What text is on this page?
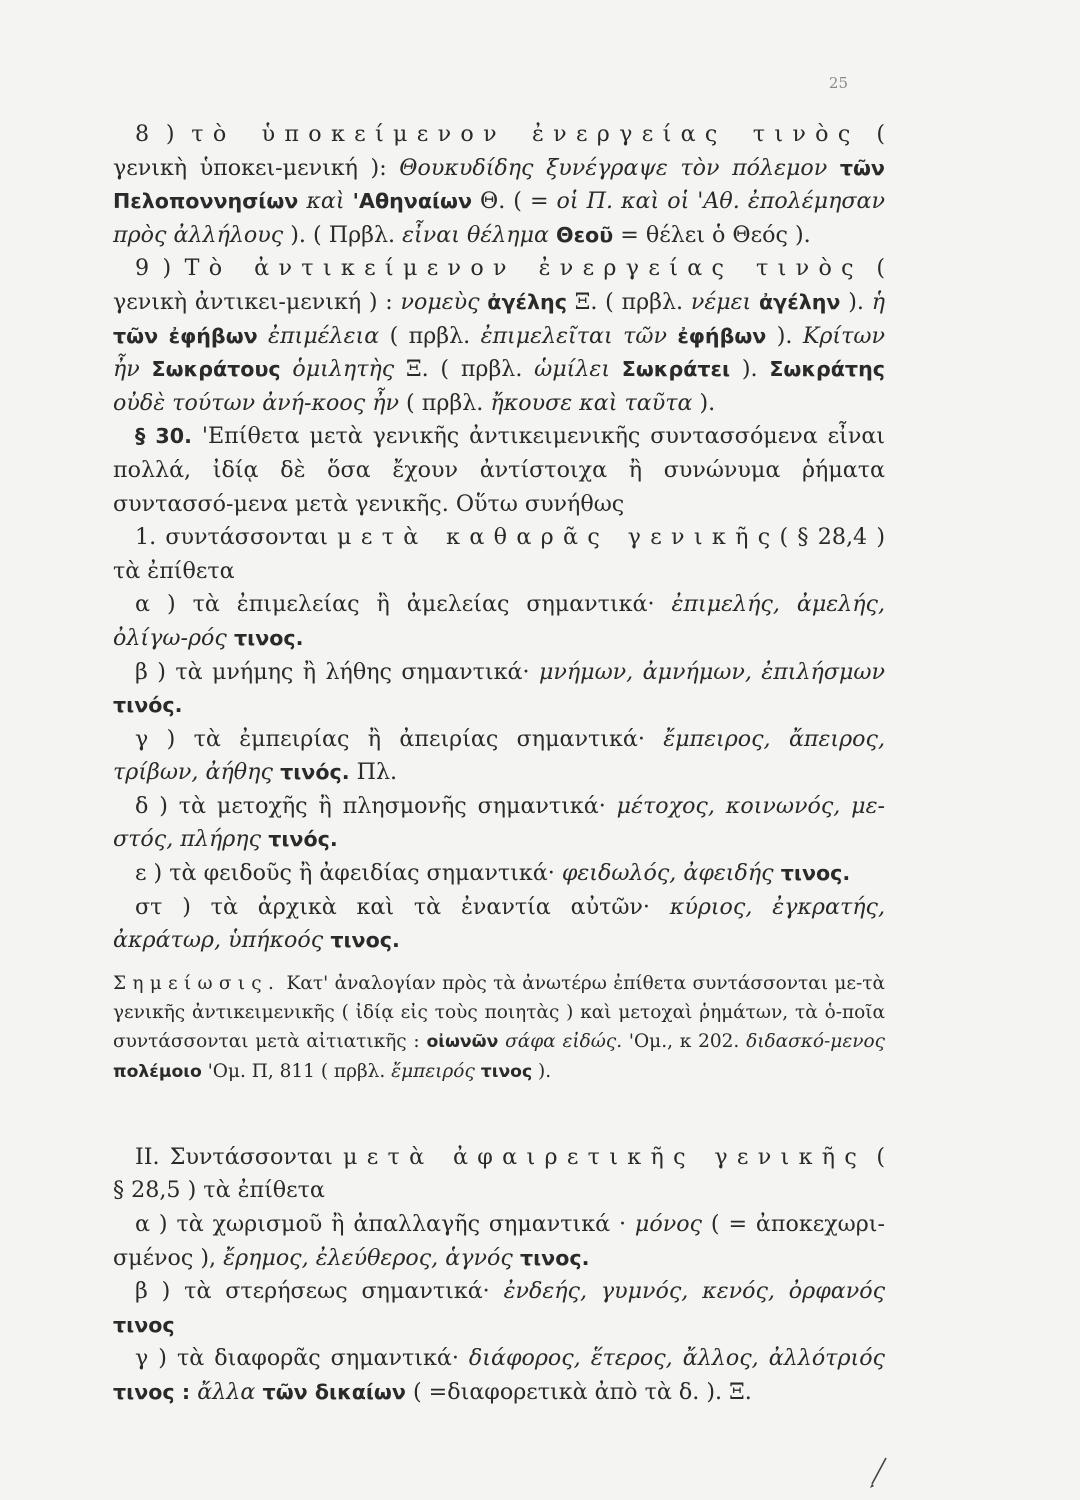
25

8 ) τὸ ὑποκείμενον ἐνεργείας τινὸς ( γενικὴ ὑποκει-μενική ): Θουκυδίδης ξυνέγραψε τὸν πόλεμον τῶν Πελοποννησίων καὶ 'Αθηναίων Θ. ( = οἱ Π. καὶ οἱ 'Αθ. ἐπολέμησαν πρὸς ἀλλήλους ). ( Πρβλ. εἶναι θέλημα Θεοῦ = θέλει ὁ Θεός ).

9 ) Τὸ ἀντικείμενον ἐνεργείας τινὸς ( γενικὴ ἀντικει-μενική ) : νομεὺς ἀγέλης Ξ. ( πρβλ. νέμει ἀγέλην ). ἡ τῶν ἐφήβων ἐπιμέλεια ( πρβλ. ἐπιμελεῖται τῶν ἐφήβων ). Κρίτων ἦν Σωκράτους ὁμιλητὴς Ξ. ( πρβλ. ὡμίλει Σωκράτει ). Σωκράτης οὐδὲ τούτων ἀνή-κοος ἦν ( πρβλ. ἤκουσε καὶ ταῦτα ).

§ 30. 'Επίθετα μετὰ γενικῆς ἀντικειμενικῆς συντασσόμενα εἶναι πολλά, ἰδίᾳ δὲ ὅσα ἔχουν ἀντίστοιχα ἢ συνώνυμα ῥήματα συντασσό-μενα μετὰ γενικῆς. Οὕτω συνήθως

1. συντάσσονται μετὰ καθαρᾶς γενικῆς( § 28,4 ) τὰ ἐπίθετα

α ) τὰ ἐπιμελείας ἢ ἀμελείας σημαντικά· ἐπιμελής, ἀμελής, ὀλίγω-ρός τινος.

β ) τὰ μνήμης ἢ λήθης σημαντικά· μνήμων, ἀμνήμων, ἐπιλήσμων τινός.

γ ) τὰ ἐμπειρίας ἢ ἀπειρίας σημαντικά· ἔμπειρος, ἄπειρος, τρίβων, ἀήθης τινός. Πλ.

δ ) τὰ μετοχῆς ἢ πλησμονῆς σημαντικά· μέτοχος, κοινωνός, με-στός, πλήρης τινός.

ε ) τὰ φειδοῦς ἢ ἀφειδίας σημαντικά· φειδωλός, ἀφειδής τινος.

στ ) τὰ ἀρχικὰ καὶ τὰ ἐναντία αὐτῶν· κύριος, ἐγκρατής, ἀκράτωρ, ὑπήκοός τινος.

Σημείωσις. Κατ' ἀναλογίαν πρὸς τὰ ἀνωτέρω ἐπίθετα συντάσσονται με-τὰ γενικῆς ἀντικειμενικῆς ( ἰδίᾳ εἰς τοὺς ποιητὰς ) καὶ μετοχαὶ ῥημάτων, τὰ ὁ-ποῖα συντάσσονται μετὰ αἰτιατικῆς : οἰωνῶν σάφα εἰδώς. 'Ομ., κ 202. διδασκό-μενος πολέμοιο 'Ομ. Π, 811 ( πρβλ. ἔμπειρός τινος ).

ΙΙ. Συντάσσονται μετὰ ἀφαιρετικῆς γενικῆς ( § 28,5 ) τὰ ἐπίθετα

α ) τὰ χωρισμοῦ ἢ ἀπαλλαγῆς σημαντικά · μόνος ( = ἀποκεχωρι-σμένος ), ἔρημος, ἐλεύθερος, ἁγνός τινος.

β ) τὰ στερήσεως σημαντικά· ἐνδεής, γυμνός, κενός, ὀρφανός τινος

γ ) τὰ διαφορᾶς σημαντικά· διάφορος, ἕτερος, ἄλλος, ἀλλότριός τινος : ἄλλα τῶν δικαίων ( =διαφορετικὰ ἀπὸ τὰ δ. ). Ξ.
